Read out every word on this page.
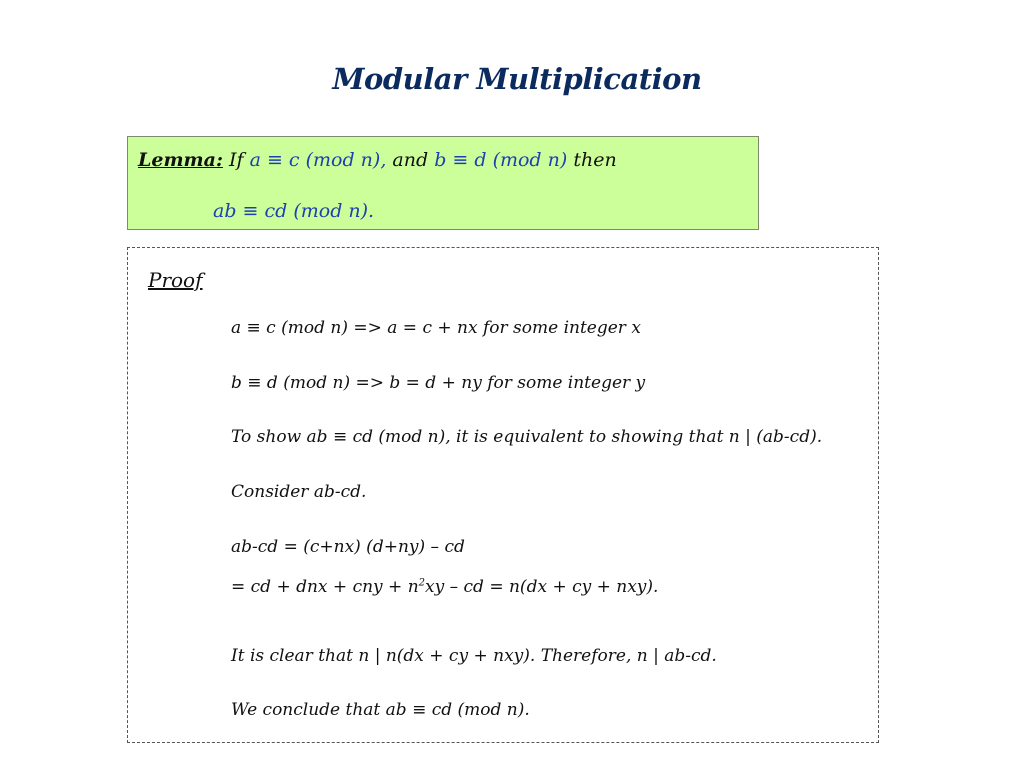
Modular Multiplication
Lemma: If a ≡ c (mod n), and b ≡ d (mod n) then
ab ≡ cd (mod n).
Proof
a ≡ c (mod n) => a = c + nx for some integer x
b ≡ d (mod n) => b = d + ny for some integer y
To show ab ≡ cd (mod n), it is equivalent to showing that n | (ab-cd).
Consider ab-cd.
ab-cd = (c+nx) (d+ny) – cd
= cd + dnx + cny + $n^2xy$ – cd = n(dx + cy + nxy).
It is clear that n | n(dx + cy + nxy). Therefore, n | ab-cd.
We conclude that ab ≡ cd (mod n).
